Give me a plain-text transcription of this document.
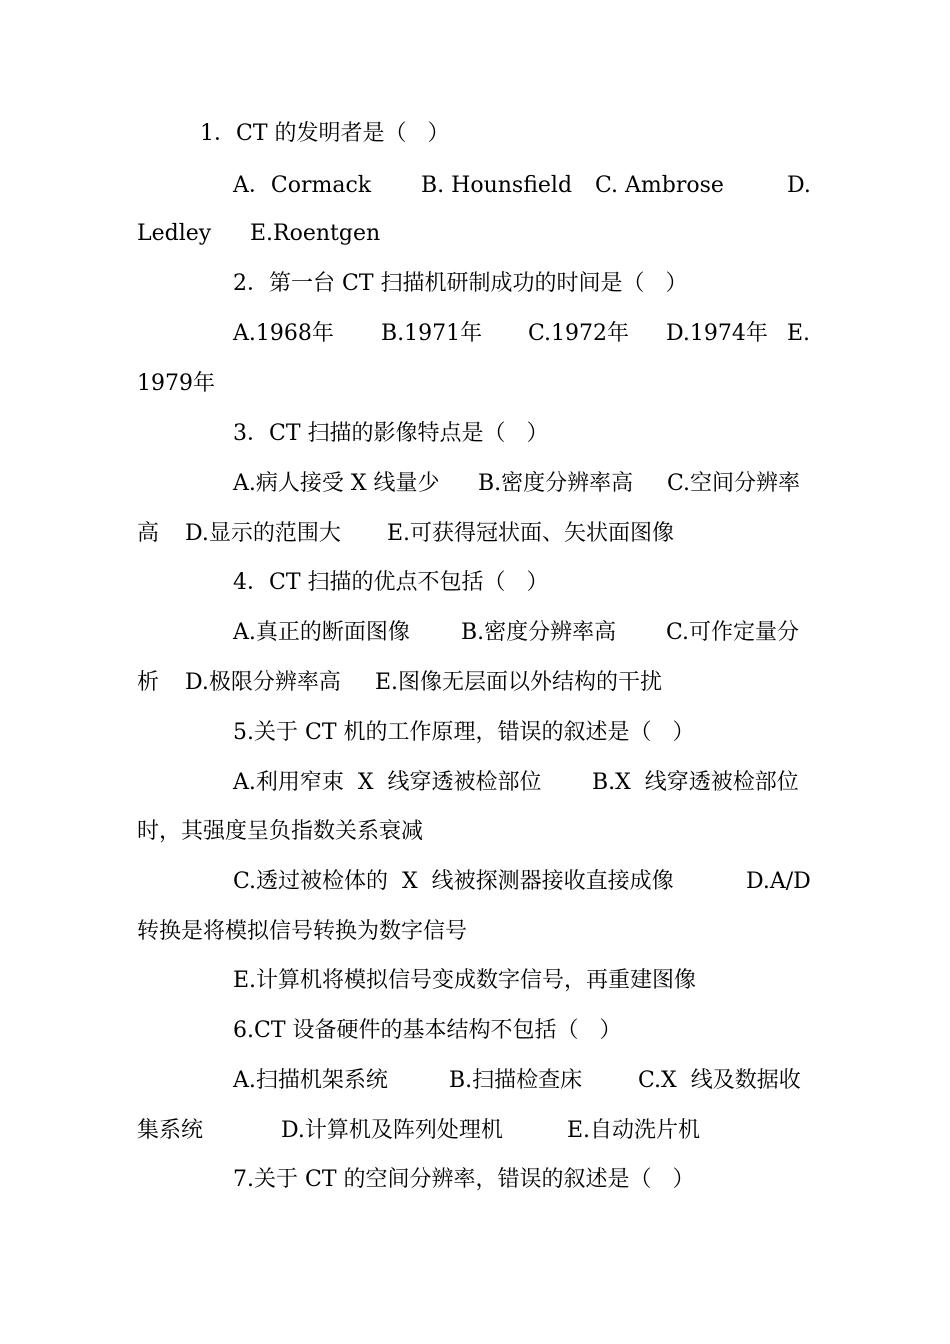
1．CT 的发明者是（   ）
A．Cormack B. Hounsfield C. Ambrose	D.
Ledley E.Roentgen
2．第一台 CT 扫描机研制成功的时间是（   ）
A.1968年 B.1971年 C.1972年 D.1974年 E.
1979年
3．CT 扫描的影像特点是（   ）
A.病人接受 X 线量少 B.密度分辨率高 C.空间分辨率
高 D.显示的范围大 E.可获得冠状面、矢状面图像
4．CT 扫描的优点不包括（   ）
A.真正的断面图像 B.密度分辨率高 C.可作定量分
析 D.极限分辨率高 E.图像无层面以外结构的干扰
5.关于 CT 机的工作原理，错误的叙述是（   ）
A.利用窄束  X  线穿透被检部位 B.X  线穿透被检部位
时，其强度呈负指数关系衰减
C.透过被检体的  X  线被探测器接收直接成像	D.A/D
转换是将模拟信号转换为数字信号
E.计算机将模拟信号变成数字信号，再重建图像
6.CT 设备硬件的基本结构不包括（   ）
A.扫描机架系统	B.扫描检查床	C.X  线及数据收
集系统	D.计算机及阵列处理机	E.自动洗片机
7.关于 CT 的空间分辨率，错误的叙述是（   ）
